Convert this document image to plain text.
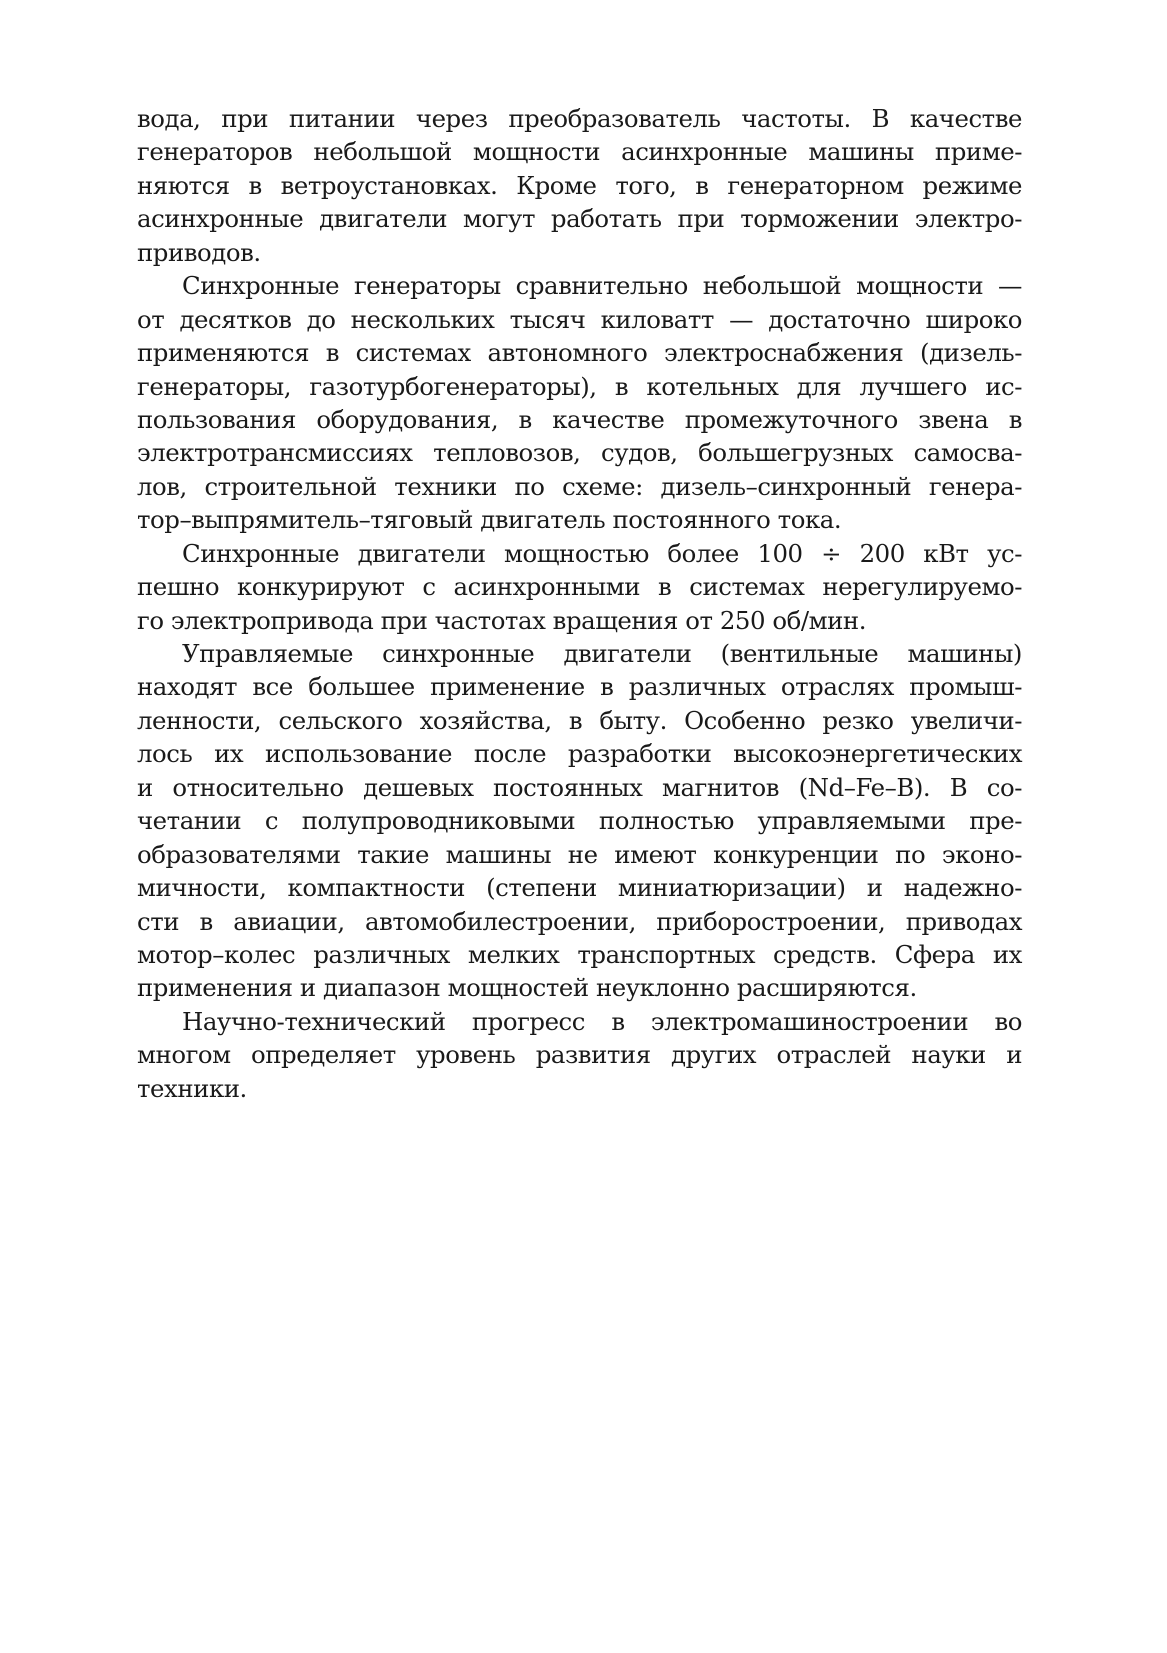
вода, при питании через преобразователь частоты. В качестве
генераторов небольшой мощности асинхронные машины приме-
няются в ветроустановках. Кроме того, в генераторном режиме
асинхронные двигатели могут работать при торможении электро-
приводов.
Синхронные генераторы сравнительно небольшой мощности —
от десятков до нескольких тысяч киловатт — достаточно широко
применяются в системах автономного электроснабжения (дизель-
генераторы, газотурбогенераторы), в котельных для лучшего ис-
пользования оборудования, в качестве промежуточного звена в
электротрансмиссиях тепловозов, судов, большегрузных самосва-
лов, строительной техники по схеме: дизель–синхронный генера-
тор–выпрямитель–тяговый двигатель постоянного тока.
Синхронные двигатели мощностью более 100 ÷ 200 кВт ус-
пешно конкурируют с асинхронными в системах нерегулируемо-
го электропривода при частотах вращения от 250 об/мин.
Управляемые синхронные двигатели (вентильные машины)
находят все большее применение в различных отраслях промыш-
ленности, сельского хозяйства, в быту. Особенно резко увеличи-
лось их использование после разработки высокоэнергетических
и относительно дешевых постоянных магнитов (Nd–Fe–B). В со-
четании с полупроводниковыми полностью управляемыми пре-
образователями такие машины не имеют конкуренции по эконо-
мичности, компактности (степени миниатюризации) и надежно-
сти в авиации, автомобилестроении, приборостроении, приводах
мотор–колес различных мелких транспортных средств. Сфера их
применения и диапазон мощностей неуклонно расширяются.
Научно-технический прогресс в электромашиностроении во
многом определяет уровень развития других отраслей науки и
техники.
